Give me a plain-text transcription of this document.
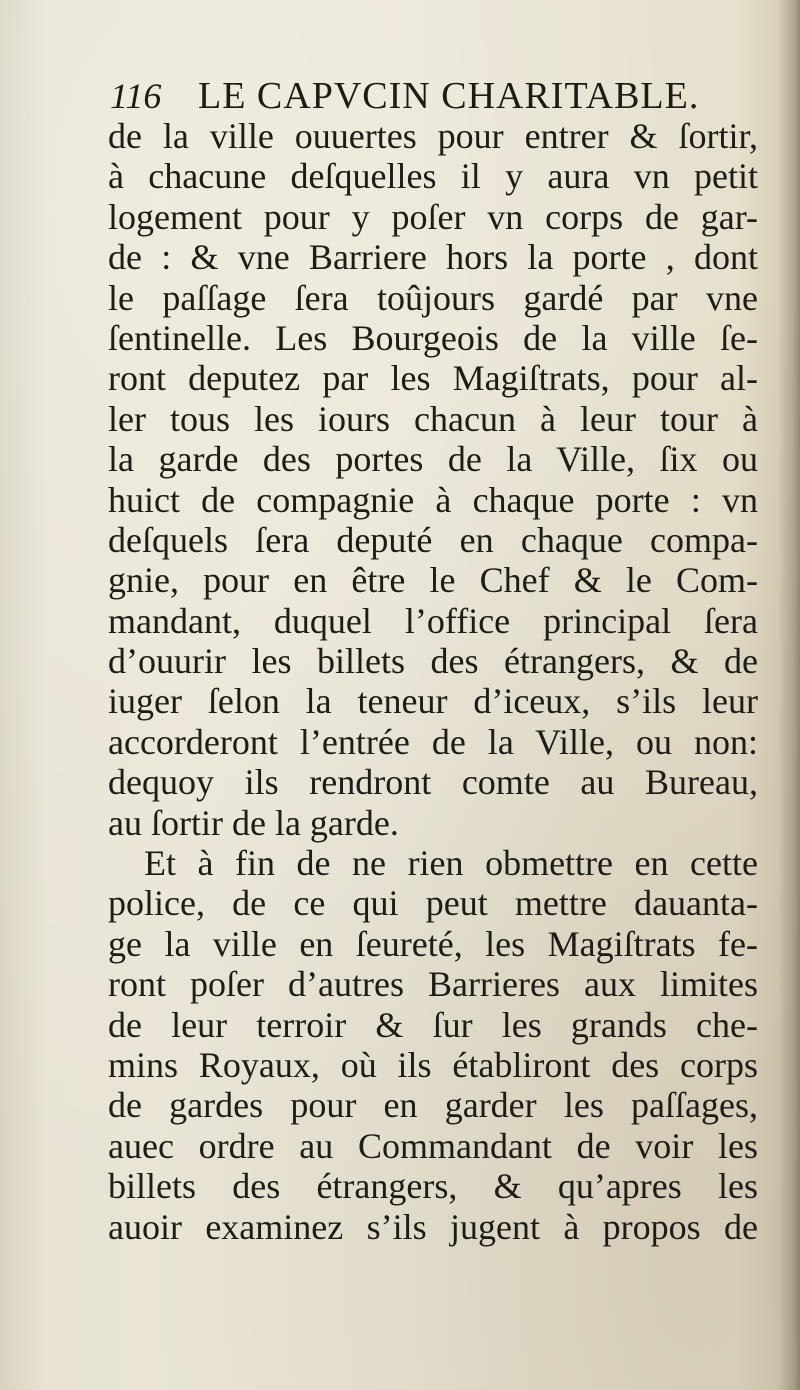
116 LE CAPVCIN CHARITABLE.
de la ville ouuertes pour entrer & ſortir,
à chacune deſquelles il y aura vn petit
logement pour y poſer vn corps de gar-
de : & vne Barriere hors la porte , dont
le paſſage ſera toûjours gardé par vne
ſentinelle. Les Bourgeois de la ville ſe-
ront deputez par les Magiſtrats, pour al-
ler tous les iours chacun à leur tour à
la garde des portes de la Ville, ſix ou
huict de compagnie à chaque porte : vn
deſquels ſera deputé en chaque compa-
gnie, pour en être le Chef & le Com-
mandant, duquel l’office principal ſera
d’ouurir les billets des étrangers, & de
iuger ſelon la teneur d’iceux, s’ils leur
accorderont l’entrée de la Ville, ou non:
dequoy ils rendront comte au Bureau,
au ſortir de la garde.
Et à fin de ne rien obmettre en cette
police, de ce qui peut mettre dauanta-
ge la ville en ſeureté, les Magiſtrats fe-
ront poſer d’autres Barrieres aux limites
de leur terroir & ſur les grands che-
mins Royaux, où ils établiront des corps
de gardes pour en garder les paſſages,
auec ordre au Commandant de voir les
billets des étrangers, & qu’apres les
auoir examinez s’ils jugent à propos de
